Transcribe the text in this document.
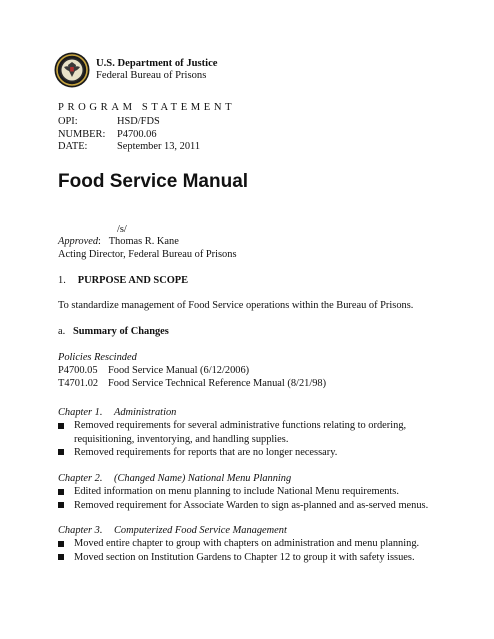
U.S. Department of Justice
Federal Bureau of Prisons
PROGRAM STATEMENT
OPI:	HSD/FDS
NUMBER:	P4700.06
DATE:	September 13, 2011
Food Service Manual
/s/
Approved:   Thomas R. Kane
Acting Director, Federal Bureau of Prisons
1. PURPOSE AND SCOPE
To standardize management of Food Service operations within the Bureau of Prisons.
a. Summary of Changes
Policies Rescinded
P4700.05	Food Service Manual (6/12/2006)
T4701.02 Food Service Technical Reference Manual (8/21/98)
Chapter 1. Administration
Removed requirements for several administrative functions relating to ordering,
requisitioning, inventorying, and handling supplies.
Removed requirements for reports that are no longer necessary.
Chapter 2. (Changed Name) National Menu Planning
Edited information on menu planning to include National Menu requirements.
Removed requirement for Associate Warden to sign as-planned and as-served menus.
Chapter 3. Computerized Food Service Management
Moved entire chapter to group with chapters on administration and menu planning.
Moved section on Institution Gardens to Chapter 12 to group it with safety issues.
